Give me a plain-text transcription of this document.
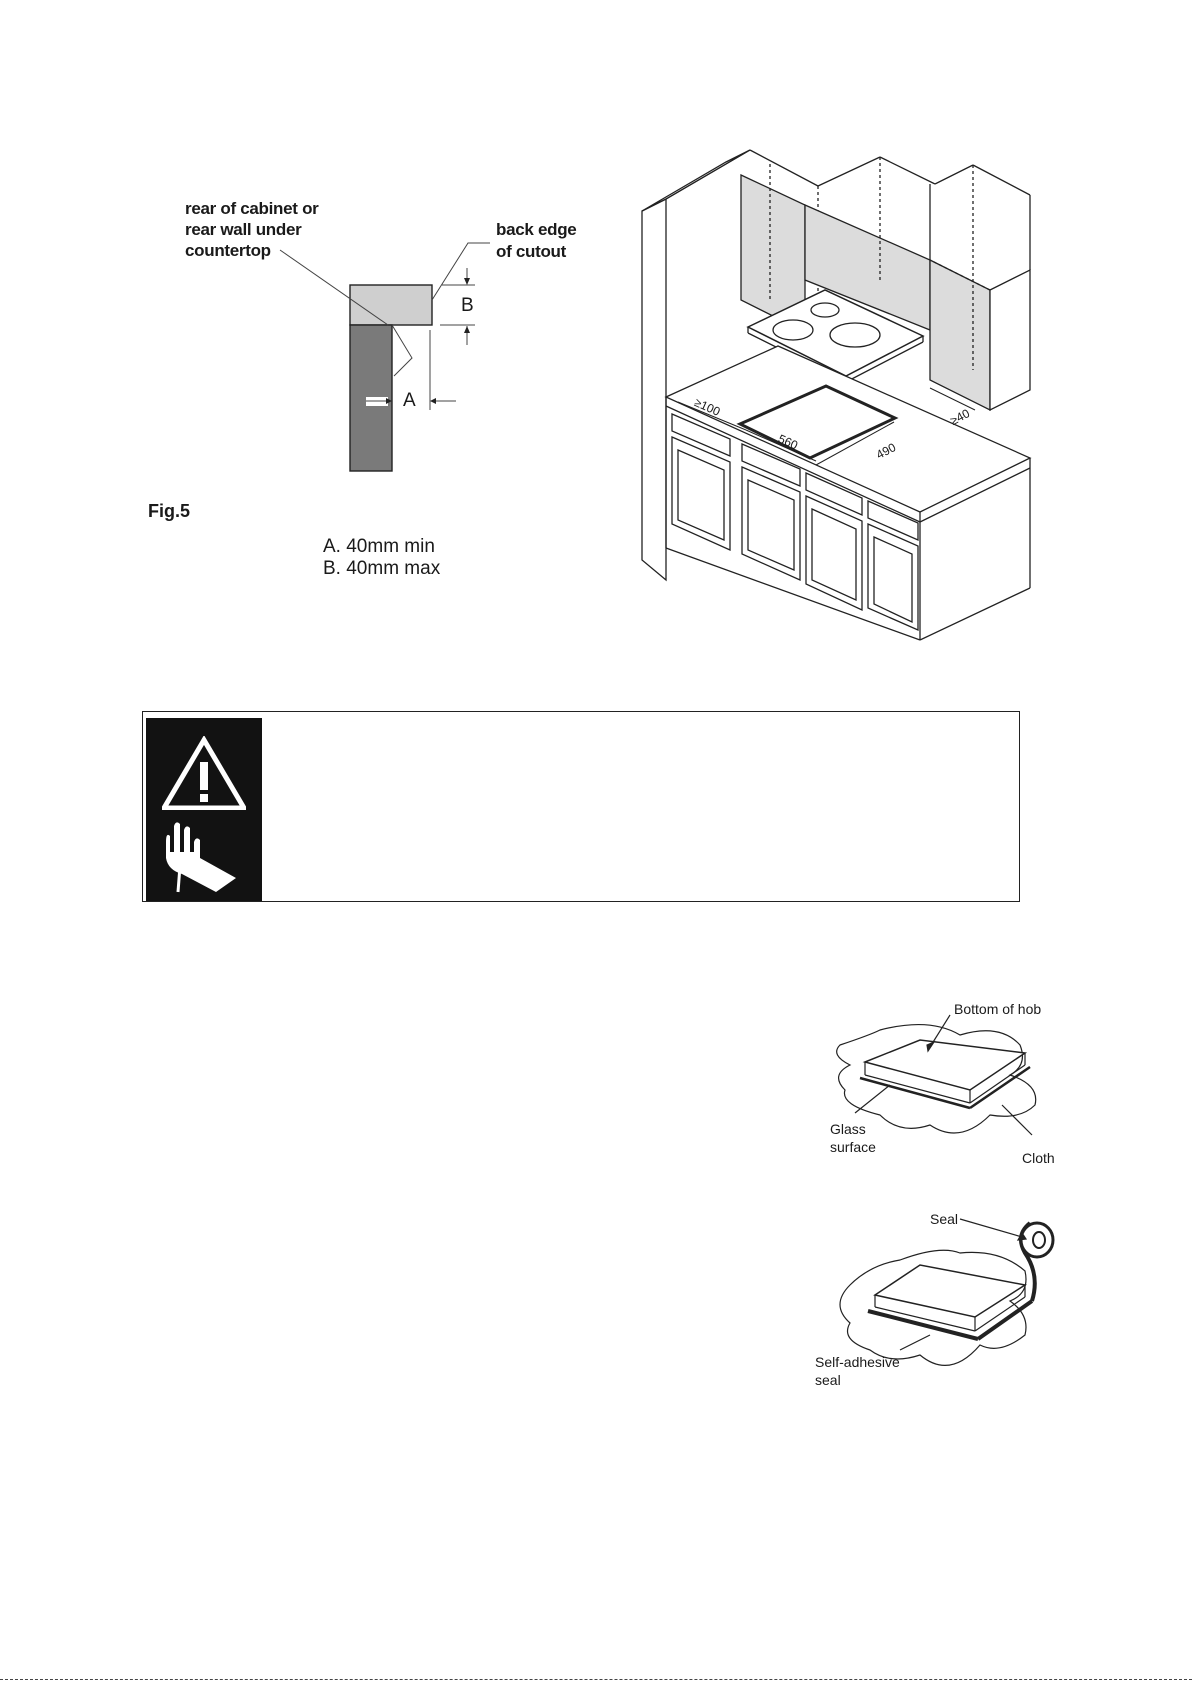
rear of cabinet or
rear wall under
countertop
back edge
of cutout
B
A
Fig.5
A. 40mm min
B. 40mm max
≥100
560	490
≥40
Bottom of hob
Glass
surface
Cloth
Seal
Self-adhesive
seal
